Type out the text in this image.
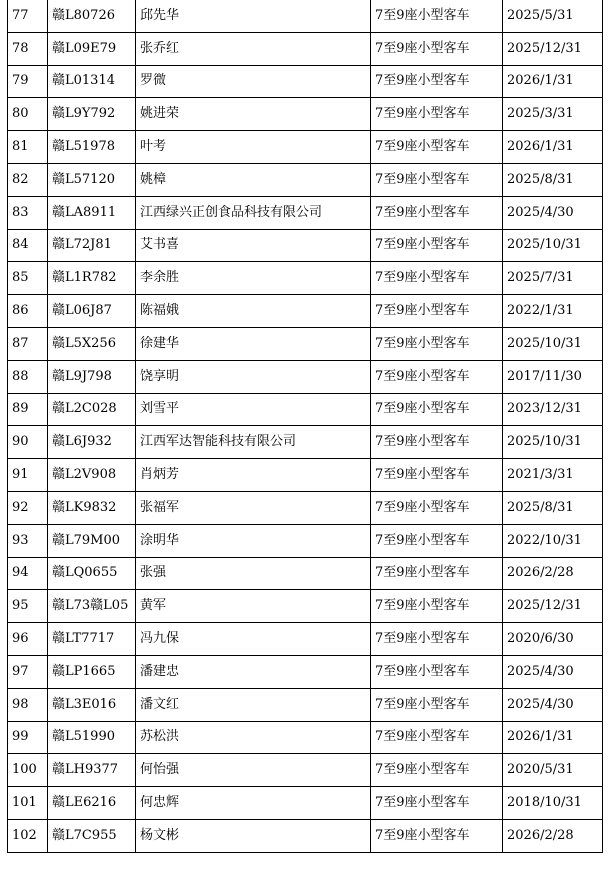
77	赣L80726	邱先华	7至9座小型客车	2025/5/31
78	赣L09E79	张乔红	7至9座小型客车	2025/12/31
79	赣L01314	罗微	7至9座小型客车	2026/1/31
80	赣L9Y792	姚进荣	7至9座小型客车	2025/3/31
81	赣L51978	叶考	7至9座小型客车	2026/1/31
82	赣L57120	姚樟	7至9座小型客车	2025/8/31
83	赣LA8911	江西绿兴正创食品科技有限公司	7至9座小型客车	2025/4/30
84	赣L72J81	艾书喜	7至9座小型客车	2025/10/31
85	赣L1R782	李余胜	7至9座小型客车	2025/7/31
86	赣L06J87	陈福娥	7至9座小型客车	2022/1/31
87	赣L5X256	徐建华	7至9座小型客车	2025/10/31
88	赣L9J798	饶享明	7至9座小型客车	2017/11/30
89	赣L2C028	刘雪平	7至9座小型客车	2023/12/31
90	赣L6J932	江西军达智能科技有限公司	7至9座小型客车	2025/10/31
91	赣L2V908	肖炳芳	7至9座小型客车	2021/3/31
92	赣LK9832	张福军	7至9座小型客车	2025/8/31
93	赣L79M00	涂明华	7至9座小型客车	2022/10/31
94	赣LQ0655	张强	7至9座小型客车	2026/2/28
95	赣L73赣L05	黄军	7至9座小型客车	2025/12/31
96	赣LT7717	冯九保	7至9座小型客车	2020/6/30
97	赣LP1665	潘建忠	7至9座小型客车	2025/4/30
98	赣L3E016	潘文红	7至9座小型客车	2025/4/30
99	赣L51990	苏松洪	7至9座小型客车	2026/1/31
100	赣LH9377	何怡强	7至9座小型客车	2020/5/31
101	赣LE6216	何忠辉	7至9座小型客车	2018/10/31
102	赣L7C955	杨文彬	7至9座小型客车	2026/2/28
